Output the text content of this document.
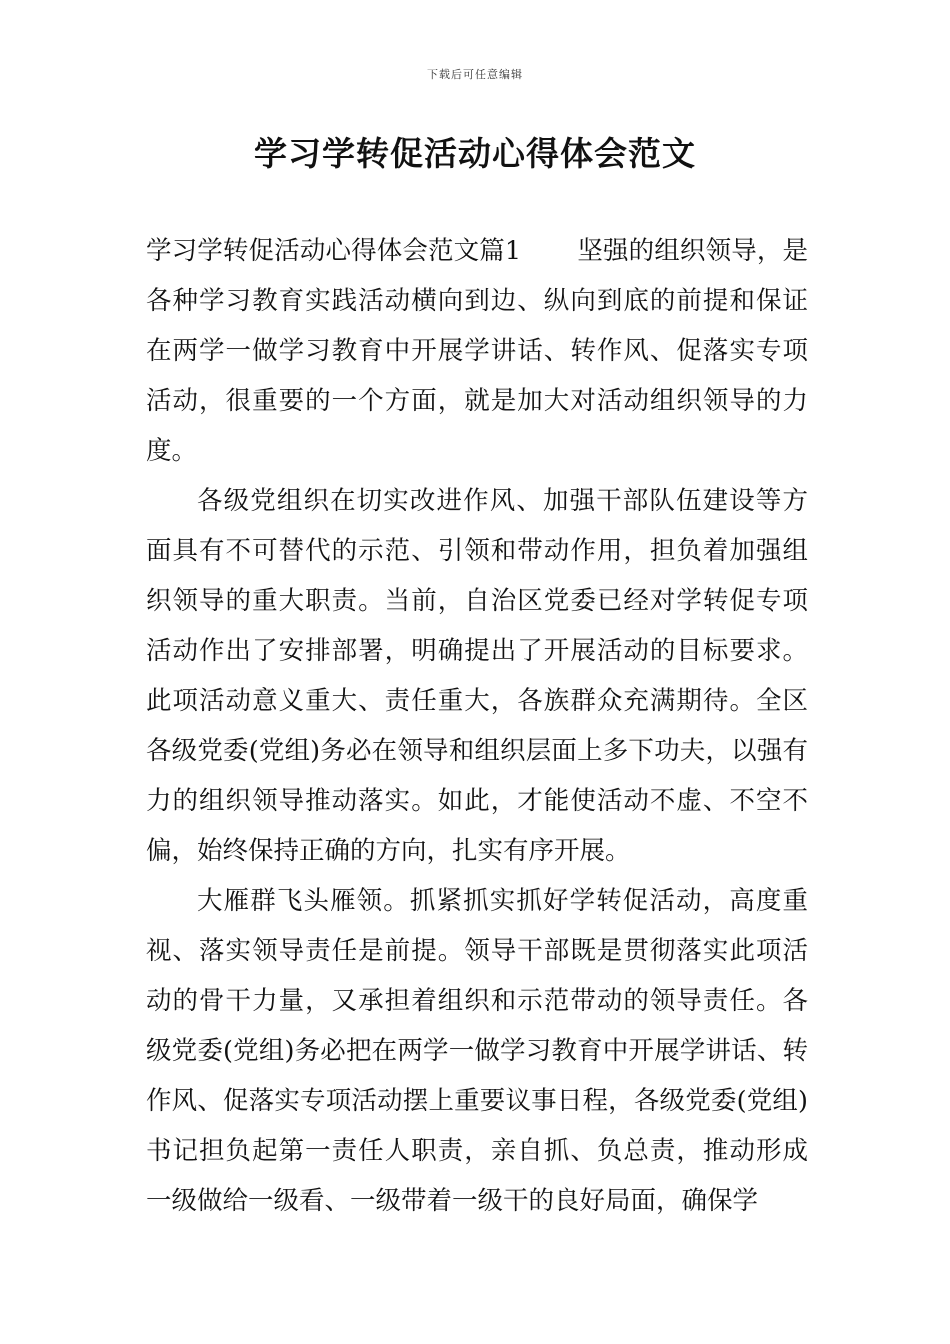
下载后可任意编辑
学习学转促活动心得体会范文

学习学转促活动心得体会范文篇1 坚强的组织领导，是各种学习教育实践活动横向到边、纵向到底的前提和保证在两学一做学习教育中开展学讲话、转作风、促落实专项活动，很重要的一个方面，就是加大对活动组织领导的力度。

各级党组织在切实改进作风、加强干部队伍建设等方面具有不可替代的示范、引领和带动作用，担负着加强组织领导的重大职责。当前，自治区党委已经对学转促专项活动作出了安排部署，明确提出了开展活动的目标要求。此项活动意义重大、责任重大，各族群众充满期待。全区各级党委(党组)务必在领导和组织层面上多下功夫，以强有力的组织领导推动落实。如此，才能使活动不虚、不空不偏，始终保持正确的方向，扎实有序开展。

大雁群飞头雁领。抓紧抓实抓好学转促活动，高度重视、落实领导责任是前提。领导干部既是贯彻落实此项活动的骨干力量，又承担着组织和示范带动的领导责任。各级党委(党组)务必把在两学一做学习教育中开展学讲话、转作风、促落实专项活动摆上重要议事日程，各级党委(党组)书记担负起第一责任人职责，亲自抓、负总责，推动形成一级做给一级看、一级带着一级干的良好局面，确保学
